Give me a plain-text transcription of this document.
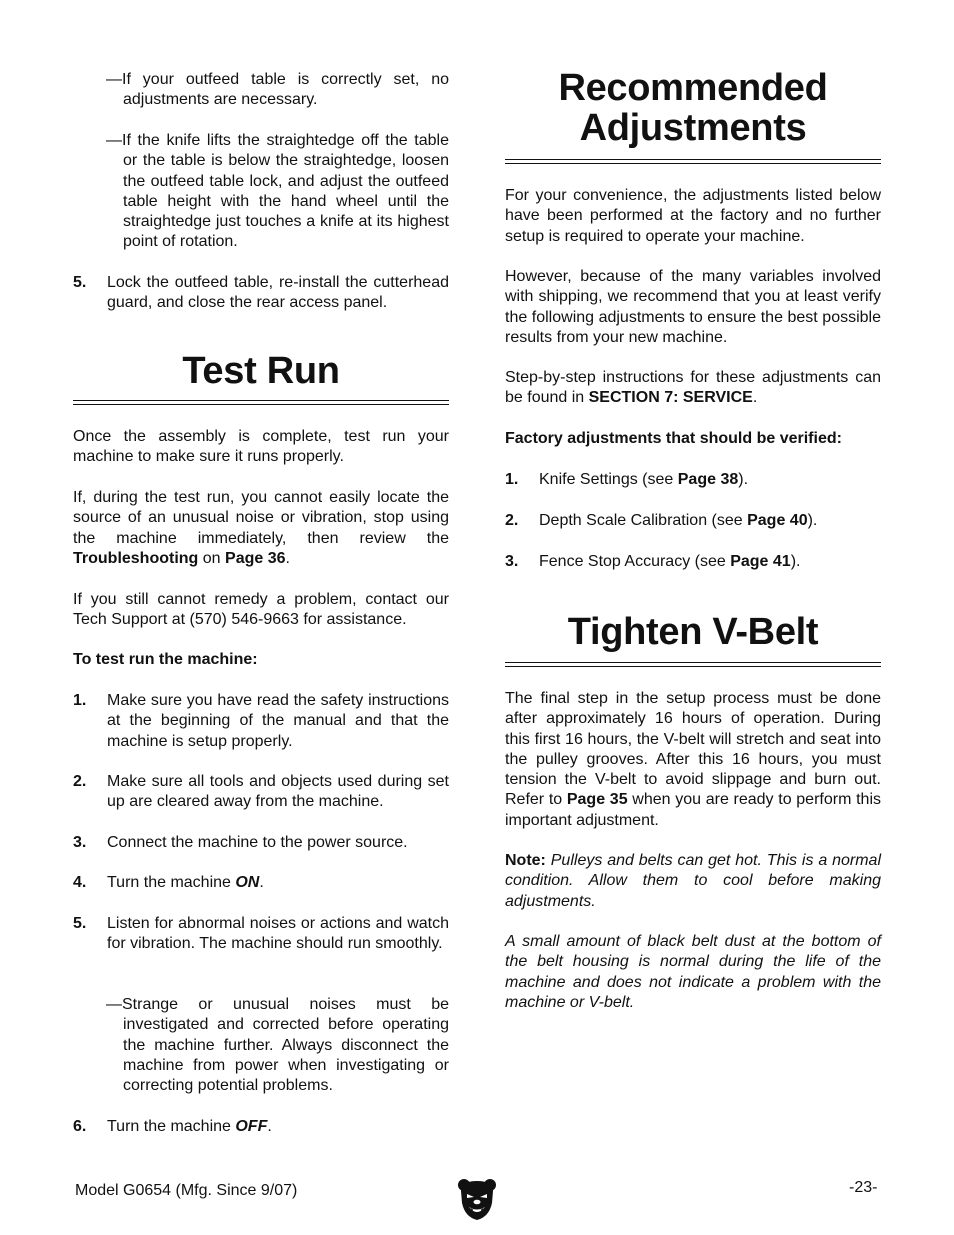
—If your outfeed table is correctly set, no adjustments are necessary.

—If the knife lifts the straightedge off the table or the table is below the straightedge, loosen the outfeed table lock, and adjust the outfeed table height with the hand wheel until the straightedge just touches a knife at its highest point of rotation.

5. Lock the outfeed table, re-install the cutterhead guard, and close the rear access panel.
Test Run

Once the assembly is complete, test run your machine to make sure it runs properly.

If, during the test run, you cannot easily locate the source of an unusual noise or vibration, stop using the machine immediately, then review the Troubleshooting on Page 36.

If you still cannot remedy a problem, contact our Tech Support at (570) 546-9663 for assistance.

To test run the machine:

1. Make sure you have read the safety instructions at the beginning of the manual and that the machine is setup properly.
2. Make sure all tools and objects used during set up are cleared away from the machine.
3. Connect the machine to the power source.
4. Turn the machine ON.
5. Listen for abnormal noises or actions and watch for vibration. The machine should run smoothly.

—Strange or unusual noises must be investigated and corrected before operating the machine further. Always disconnect the machine from power when investigating or correcting potential problems.

6. Turn the machine OFF.
Recommended
Adjustments

For your convenience, the adjustments listed below have been performed at the factory and no further setup is required to operate your machine.

However, because of the many variables involved with shipping, we recommend that you at least verify the following adjustments to ensure the best possible results from your new machine.

Step-by-step instructions for these adjustments can be found in SECTION 7: SERVICE.

Factory adjustments that should be verified:

1. Knife Settings (see Page 38).
2. Depth Scale Calibration (see Page 40).
3. Fence Stop Accuracy (see Page 41).
Tighten V-Belt

The final step in the setup process must be done after approximately 16 hours of operation. During this first 16 hours, the V-belt will stretch and seat into the pulley grooves. After this 16 hours, you must tension the V-belt to avoid slippage and burn out. Refer to Page 35 when you are ready to perform this important adjustment.

Note: Pulleys and belts can get hot. This is a normal condition. Allow them to cool before making adjustments.

A small amount of black belt dust at the bottom of the belt housing is normal during the life of the machine and does not indicate a problem with the machine or V-belt.

Model G0654 (Mfg. Since 9/07)	-23-
